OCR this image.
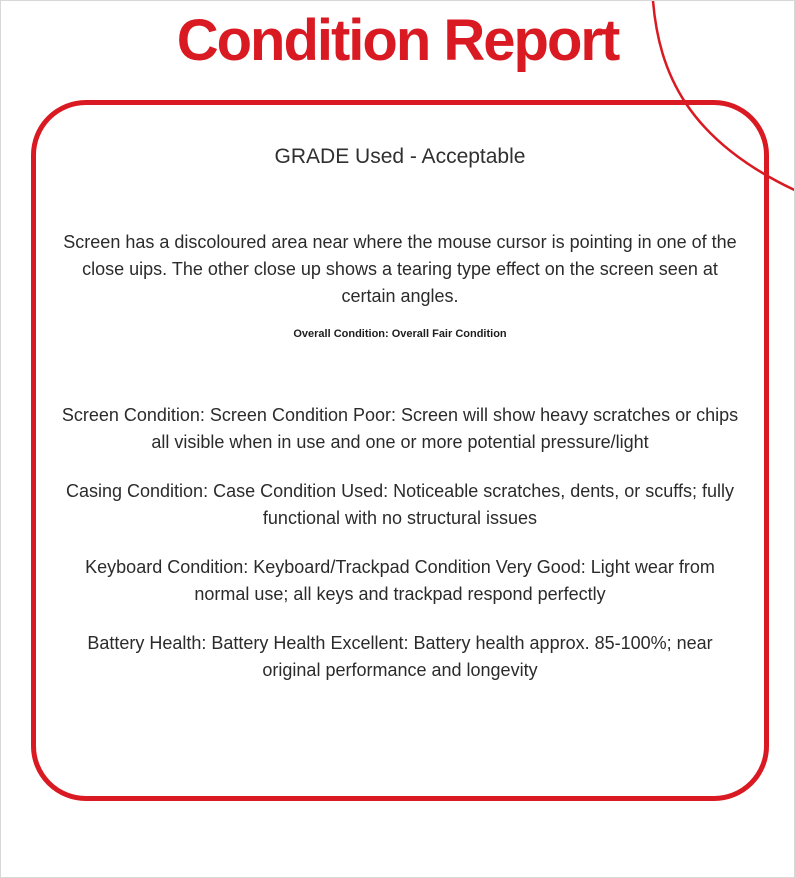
Condition Report
GRADE Used - Acceptable

Screen has a discoloured area near where the mouse cursor is pointing in one of the close uips. The other close up shows a tearing type effect on the screen seen at certain angles.

Overall Condition: Overall Fair Condition

Screen Condition: Screen Condition Poor: Screen will show heavy scratches or chips all visible when in use and one or more potential pressure/light

Casing Condition: Case Condition Used: Noticeable scratches, dents, or scuffs; fully functional with no structural issues

Keyboard Condition: Keyboard/Trackpad Condition Very Good: Light wear from normal use; all keys and trackpad respond perfectly

Battery Health: Battery Health Excellent: Battery health approx. 85-100%; near original performance and longevity
